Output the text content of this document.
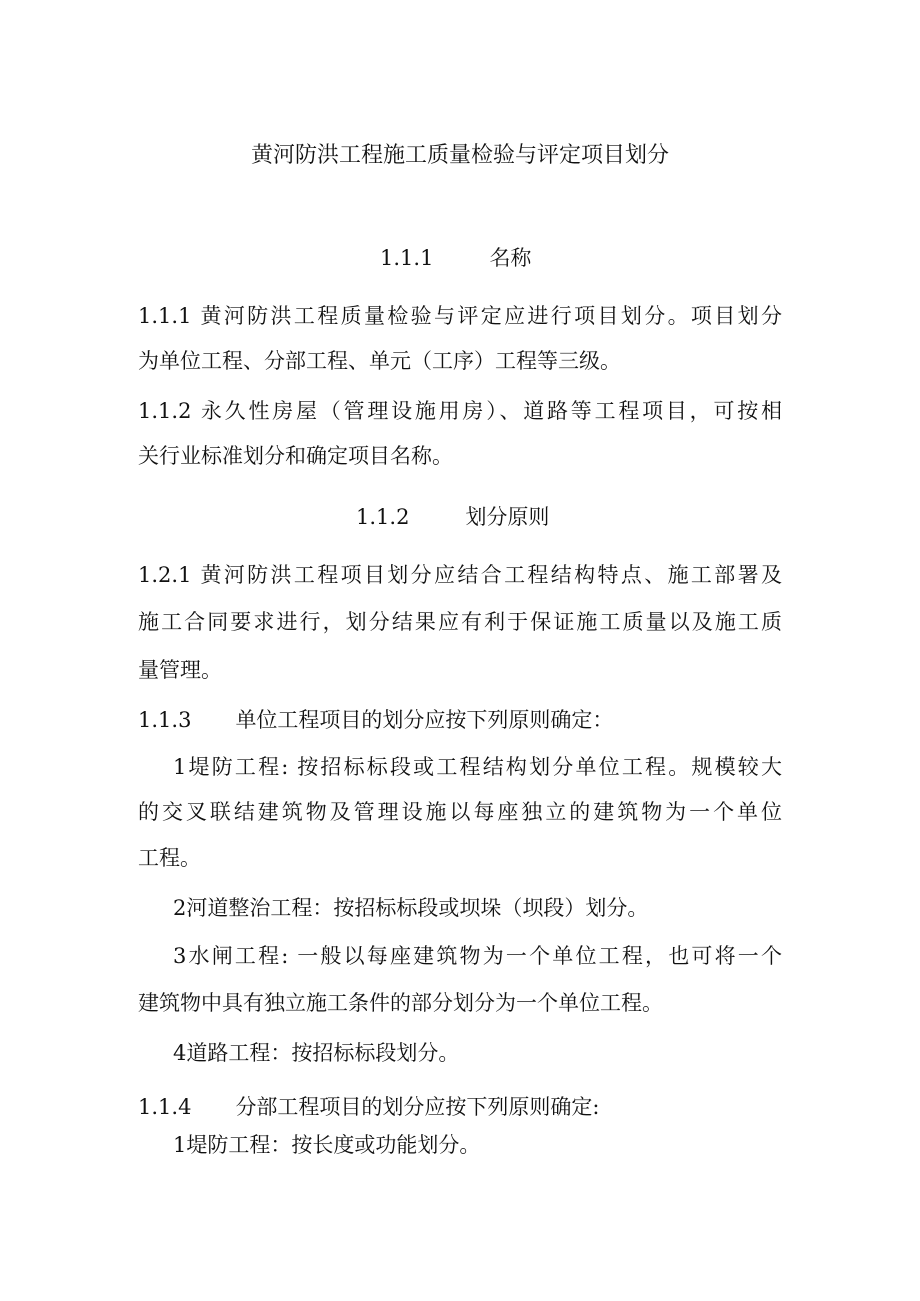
黄河防洪工程施工质量检验与评定项目划分
1.1.1	名称
1.1.1 黄河防洪工程质量检验与评定应进行项目划分。项目划分
为单位工程、分部工程、单元（工序）工程等三级。
1.1.2 永久性房屋（管理设施用房）、道路等工程项目，可按相
关行业标准划分和确定项目名称。
1.1.2	划分原则
1.2.1 黄河防洪工程项目划分应结合工程结构特点、施工部署及
施工合同要求进行，划分结果应有利于保证施工质量以及施工质
量管理。
1.1.3 单位工程项目的划分应按下列原则确定：
1堤防工程: 按招标标段或工程结构划分单位工程。规模较大
的交叉联结建筑物及管理设施以每座独立的建筑物为一个单位
工程。
2河道整治工程：按招标标段或坝垛（坝段）划分。
3水闸工程: 一般以每座建筑物为一个单位工程，也可将一个
建筑物中具有独立施工条件的部分划分为一个单位工程。
4道路工程：按招标标段划分。
1.1.4 分部工程项目的划分应按下列原则确定:
1堤防工程：按长度或功能划分。
